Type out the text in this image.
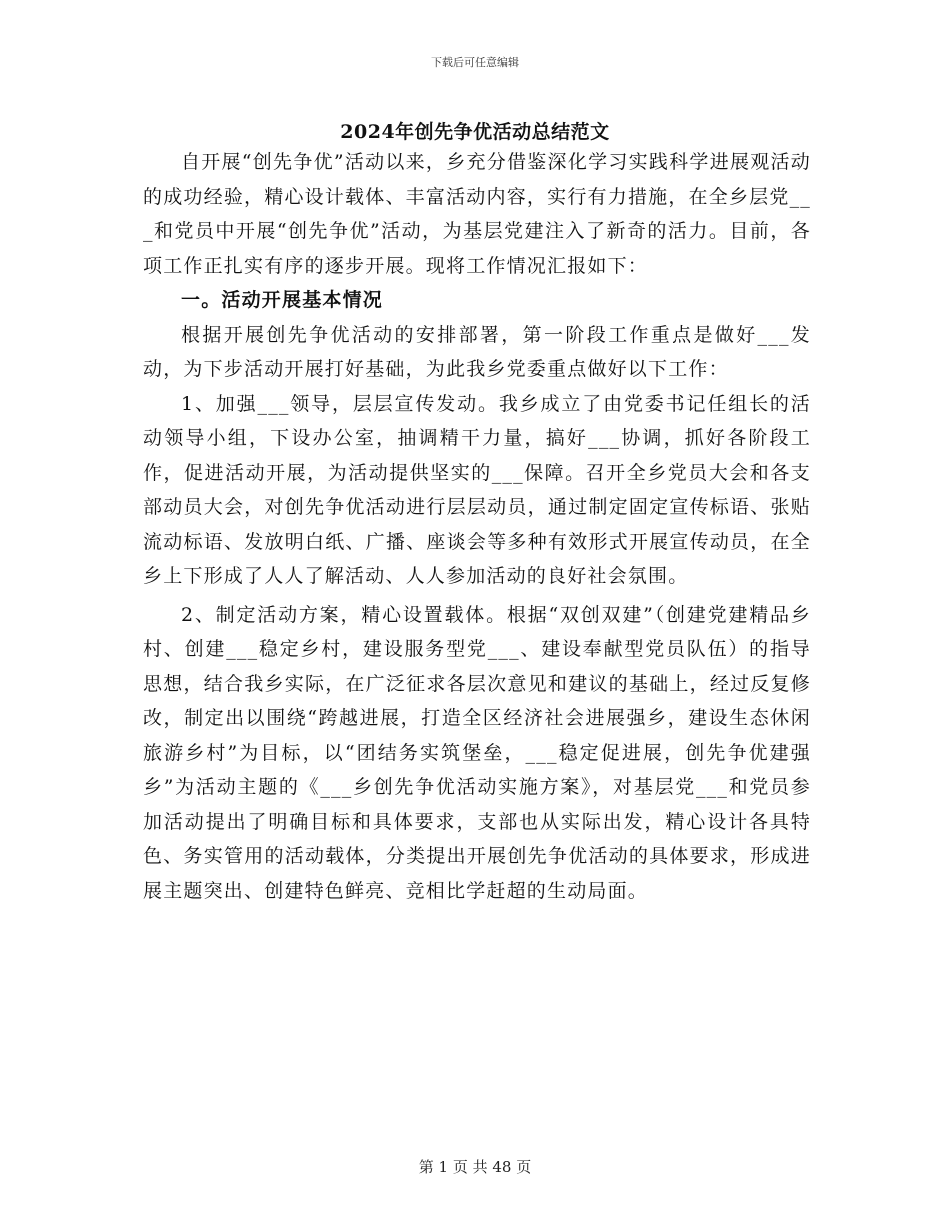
下载后可任意编辑
2024年创先争优活动总结范文

自开展“创先争优”活动以来，乡充分借鉴深化学习实践科学进展观活动的成功经验，精心设计载体、丰富活动内容，实行有力措施，在全乡层党___和党员中开展“创先争优”活动，为基层党建注入了新奇的活力。目前，各项工作正扎实有序的逐步开展。现将工作情况汇报如下：

一。活动开展基本情况

根据开展创先争优活动的安排部署，第一阶段工作重点是做好___发动，为下步活动开展打好基础，为此我乡党委重点做好以下工作：

1、加强___领导，层层宣传发动。我乡成立了由党委书记任组长的活动领导小组，下设办公室，抽调精干力量，搞好___协调，抓好各阶段工作，促进活动开展，为活动提供坚实的___保障。召开全乡党员大会和各支部动员大会，对创先争优活动进行层层动员，通过制定固定宣传标语、张贴流动标语、发放明白纸、广播、座谈会等多种有效形式开展宣传动员，在全乡上下形成了人人了解活动、人人参加活动的良好社会氛围。

2、制定活动方案，精心设置载体。根据“双创双建”（创建党建精品乡村、创建___稳定乡村，建设服务型党___、建设奉献型党员队伍）的指导思想，结合我乡实际，在广泛征求各层次意见和建议的基础上，经过反复修改，制定出以围绕“跨越进展，打造全区经济社会进展强乡，建设生态休闲旅游乡村”为目标，以“团结务实筑堡垒，___稳定促进展，创先争优建强乡”为活动主题的《___乡创先争优活动实施方案》，对基层党___和党员参加活动提出了明确目标和具体要求，支部也从实际出发，精心设计各具特色、务实管用的活动载体，分类提出开展创先争优活动的具体要求，形成进展主题突出、创建特色鲜亮、竞相比学赶超的生动局面。

第 1 页 共 48 页
